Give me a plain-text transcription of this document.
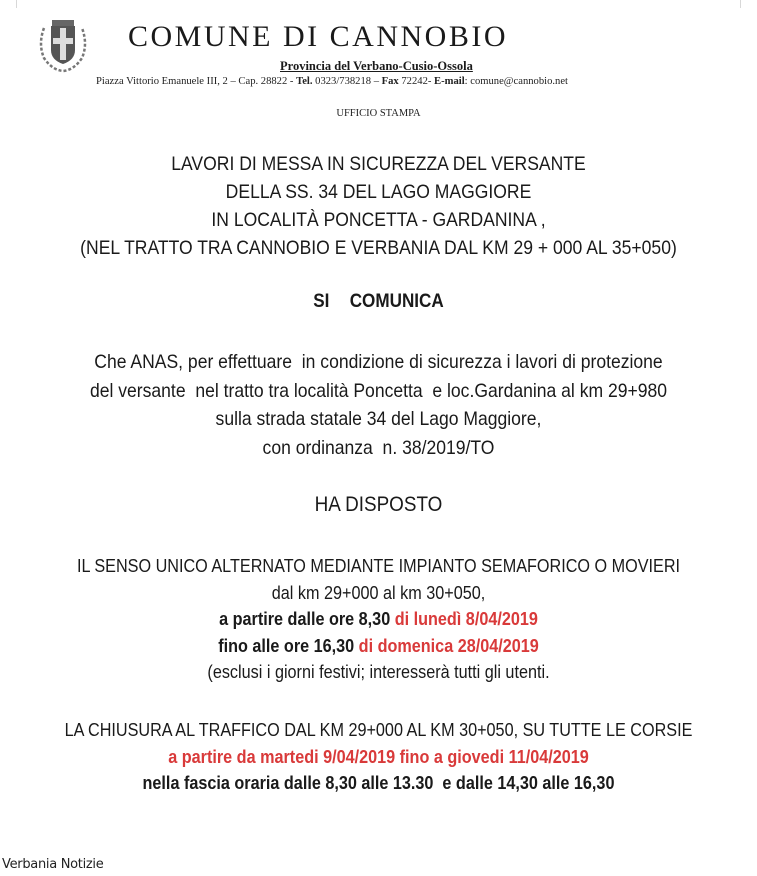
COMUNE DI CANNOBIO
Provincia del Verbano-Cusio-Ossola
Piazza Vittorio Emanuele III, 2 – Cap. 28822 - Tel. 0323/738218 – Fax 72242- E-mail: comune@cannobio.net
UFFICIO STAMPA
LAVORI DI MESSA IN SICUREZZA DEL VERSANTE
DELLA SS. 34 DEL LAGO MAGGIORE
IN LOCALITÀ PONCETTA - GARDANINA ,
(NEL TRATTO TRA CANNOBIO E VERBANIA DAL KM 29 + 000 AL 35+050)
SI  COMUNICA
Che ANAS, per effettuare  in condizione di sicurezza i lavori di protezione
del versante  nel tratto tra località Poncetta  e loc.Gardanina al km 29+980
sulla strada statale 34 del Lago Maggiore,
con ordinanza  n. 38/2019/TO
HA DISPOSTO
IL SENSO UNICO ALTERNATO MEDIANTE IMPIANTO SEMAFORICO O MOVIERI
dal km 29+000 al km 30+050,
a partire dalle ore 8,30 di lunedì 8/04/2019
fino alle ore 16,30 di domenica 28/04/2019
(esclusi i giorni festivi; interesserà tutti gli utenti.
LA CHIUSURA AL TRAFFICO DAL KM 29+000 AL KM 30+050, SU TUTTE LE CORSIE
a partire da martedi 9/04/2019 fino a giovedi 11/04/2019
nella fascia oraria dalle 8,30 alle 13.30  e dalle 14,30 alle 16,30
Verbania Notizie
